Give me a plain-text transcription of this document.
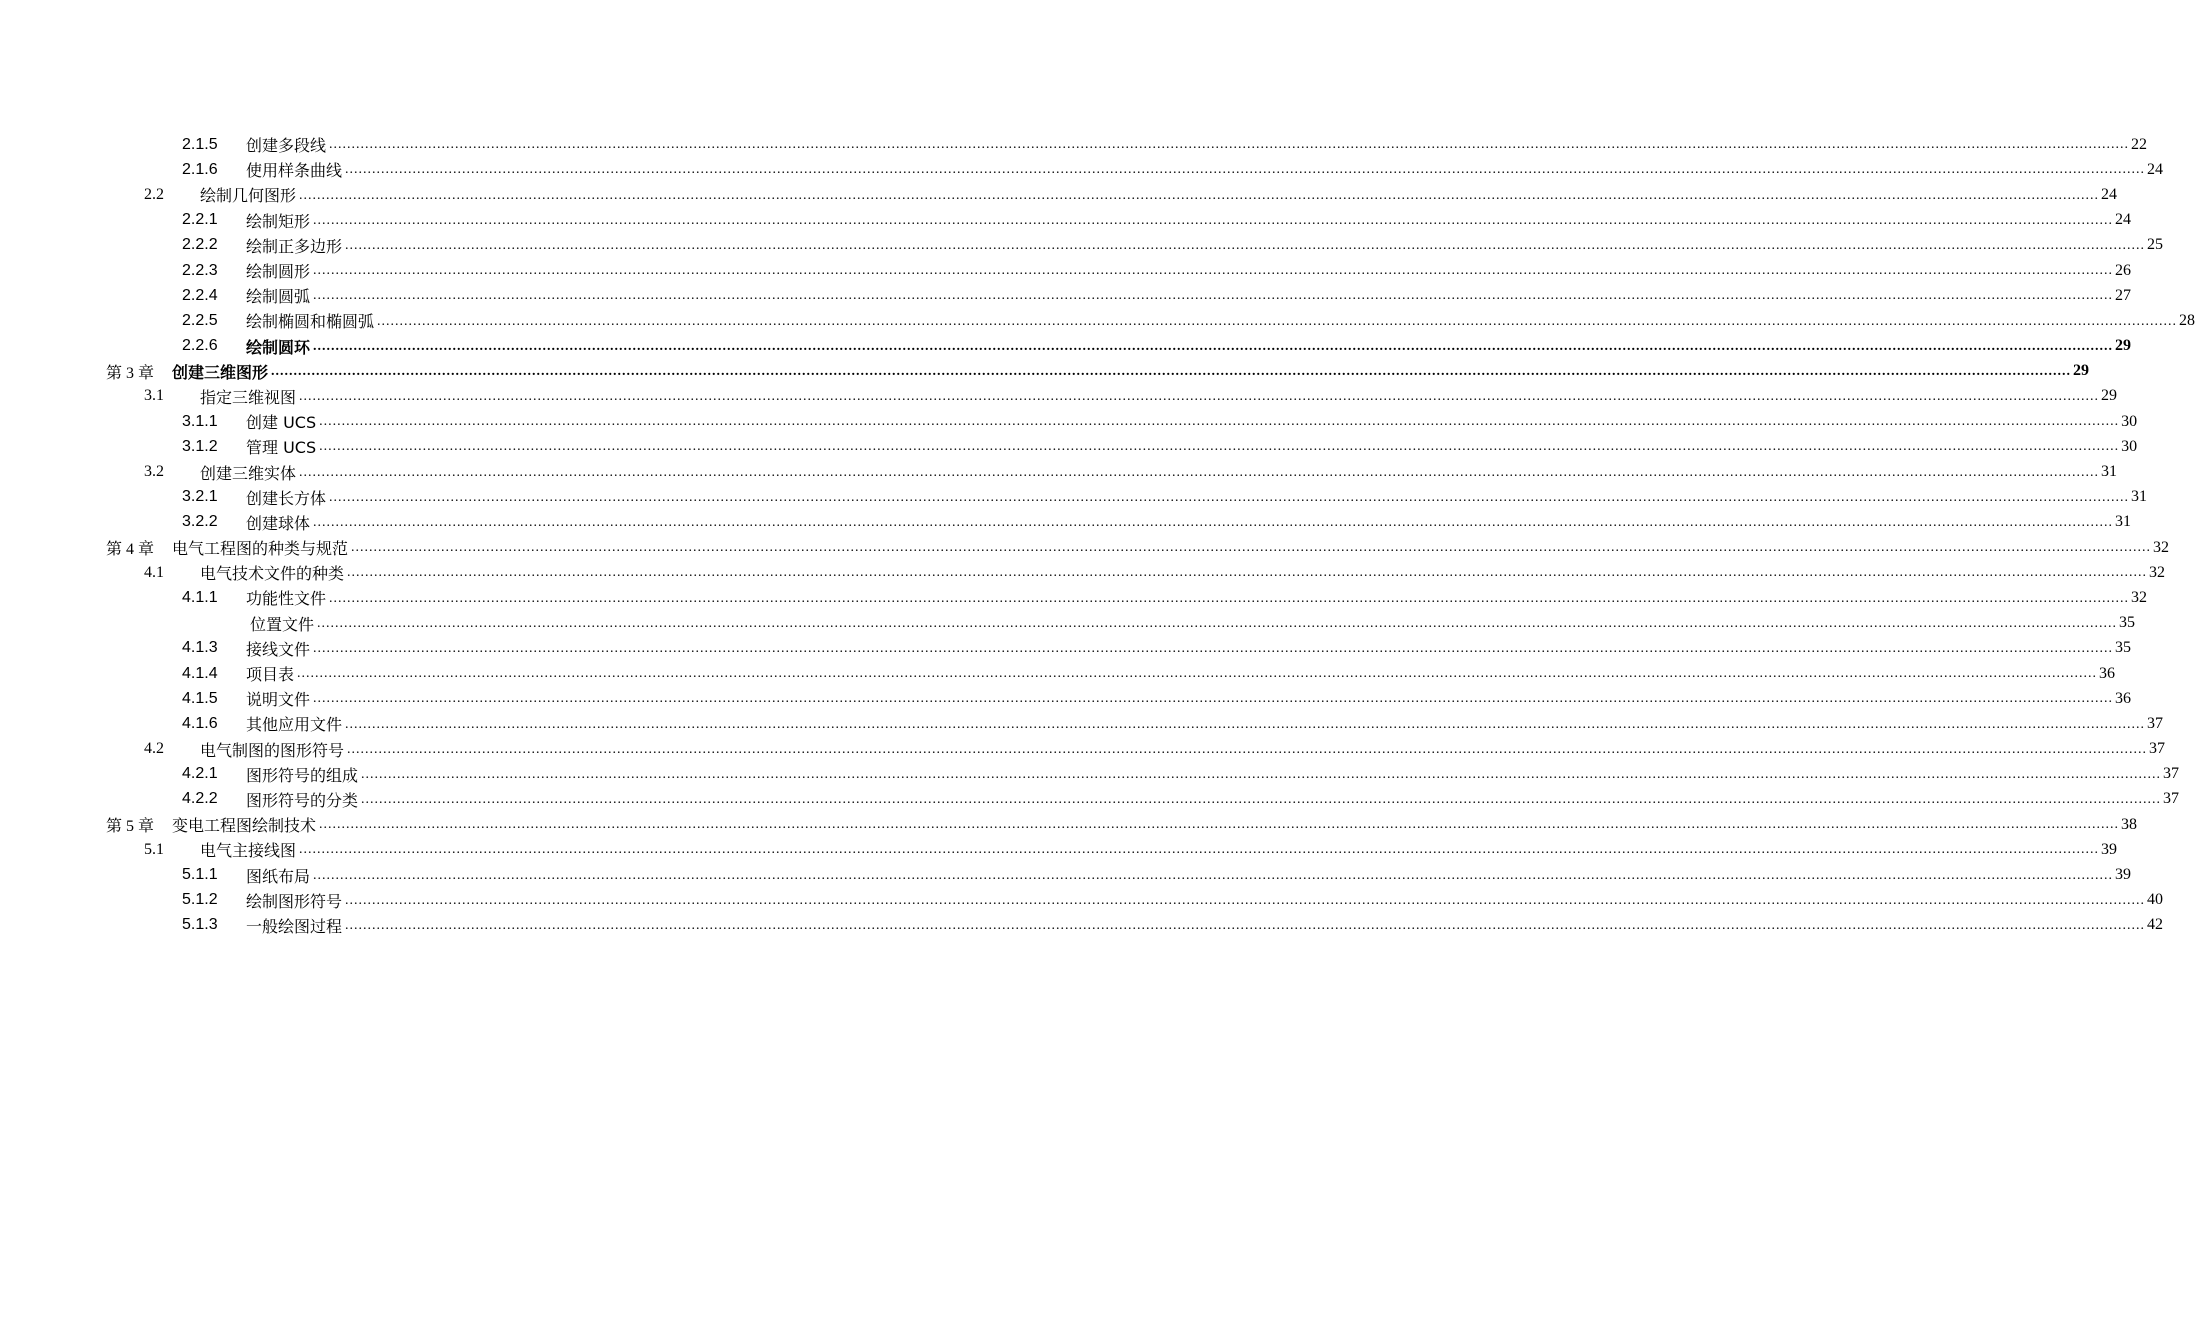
2.1.5	创建多段线 ................................................................................................................................................................................................................................................................................................................................................................................................................ 22
2.1.6	使用样条曲线 ................................................................................................................................................................................................................................................................................................................................................................................................................ 24
2.2	绘制几何图形 ................................................................................................................................................................................................................................................................................................................................................................................................................ 24
2.2.1	绘制矩形 ................................................................................................................................................................................................................................................................................................................................................................................................................ 24
2.2.2	绘制正多边形 ................................................................................................................................................................................................................................................................................................................................................................................................................ 25
2.2.3	绘制圆形 ................................................................................................................................................................................................................................................................................................................................................................................................................ 26
2.2.4	绘制圆弧 ................................................................................................................................................................................................................................................................................................................................................................................................................ 27
2.2.5	绘制椭圆和椭圆弧 ................................................................................................................................................................................................................................................................................................................................................................................................................ 28
2.2.6	绘制圆环 ................................................................................................................................................................................................................................................................................................................................................................................................................ 29
第 3 章	创建三维图形 ................................................................................................................................................................................................................................................................................................................................................................................................................ 29
3.1	指定三维视图 ................................................................................................................................................................................................................................................................................................................................................................................................................ 29
3.1.1	创建 UCS ................................................................................................................................................................................................................................................................................................................................................................................................................ 30
3.1.2	管理 UCS ................................................................................................................................................................................................................................................................................................................................................................................................................ 30
3.2	创建三维实体 ................................................................................................................................................................................................................................................................................................................................................................................................................ 31
3.2.1	创建长方体 ................................................................................................................................................................................................................................................................................................................................................................................................................ 31
3.2.2	创建球体 ................................................................................................................................................................................................................................................................................................................................................................................................................ 31
第 4 章	电气工程图的种类与规范 ................................................................................................................................................................................................................................................................................................................................................................................................................ 32
4.1	电气技术文件的种类 ................................................................................................................................................................................................................................................................................................................................................................................................................ 32
4.1.1	功能性文件 ................................................................................................................................................................................................................................................................................................................................................................................................................ 32
位置文件 ................................................................................................................................................................................................................................................................................................................................................................................................................ 35
4.1.3	接线文件 ................................................................................................................................................................................................................................................................................................................................................................................................................ 35
4.1.4	项目表 ................................................................................................................................................................................................................................................................................................................................................................................................................ 36
4.1.5	说明文件 ................................................................................................................................................................................................................................................................................................................................................................................................................ 36
4.1.6	其他应用文件 ................................................................................................................................................................................................................................................................................................................................................................................................................ 37
4.2	电气制图的图形符号 ................................................................................................................................................................................................................................................................................................................................................................................................................ 37
4.2.1	图形符号的组成 ................................................................................................................................................................................................................................................................................................................................................................................................................ 37
4.2.2	图形符号的分类 ................................................................................................................................................................................................................................................................................................................................................................................................................ 37
第 5 章	变电工程图绘制技术 ................................................................................................................................................................................................................................................................................................................................................................................................................ 38
5.1	电气主接线图 ................................................................................................................................................................................................................................................................................................................................................................................................................ 39
5.1.1	图纸布局 ................................................................................................................................................................................................................................................................................................................................................................................................................ 39
5.1.2	绘制图形符号 ................................................................................................................................................................................................................................................................................................................................................................................................................ 40
5.1.3	一般绘图过程 ................................................................................................................................................................................................................................................................................................................................................................................................................ 42
